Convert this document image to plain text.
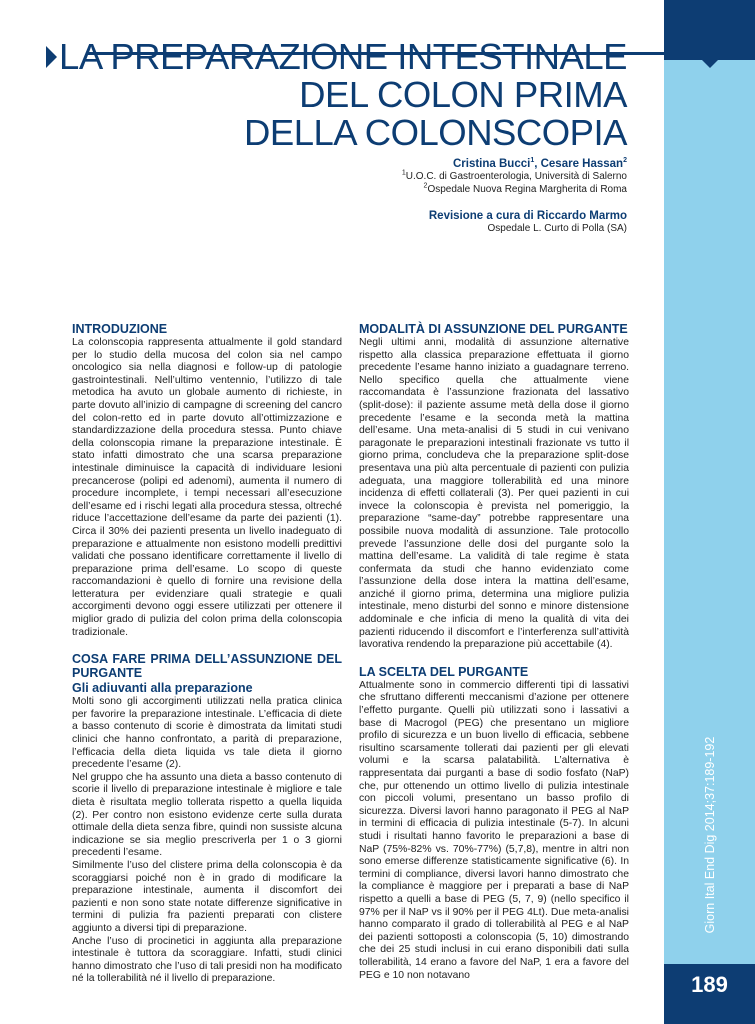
189
Giorn Ital End Dig 2014;37:189-192
LA PREPARAZIONE INTESTINALE
DEL COLON PRIMA
DELLA COLONSCOPIA
Cristina Bucci$^1$, Cesare Hassan$^2$
$^1$U.O.C. di Gastroenterologia, Università di Salerno
$^2$Ospedale Nuova Regina Margherita di Roma
Revisione a cura di Riccardo Marmo
Ospedale L. Curto di Polla (SA)
INTRODUZIONE

La colonscopia rappresenta attualmente il gold standard per lo studio della mucosa del colon sia nel campo oncologico sia nella diagnosi e follow-up di patologie gastrointestinali. Nell’ultimo ventennio, l’utilizzo di tale metodica ha avuto un globale aumento di richieste, in parte dovuto all’inizio di campagne di screening del cancro del colon-retto ed in parte dovuto all’ottimizzazione e standardizzazione della procedura stessa. Punto chiave della colonscopia rimane la preparazione intestinale. È stato infatti dimostrato che una scarsa preparazione intestinale diminuisce la capacità di individuare lesioni precancerose (polipi ed adenomi), aumenta il numero di procedure incomplete, i tempi necessari all’esecuzione dell’esame ed i rischi legati alla procedura stessa, oltreché riduce l’accettazione dell’esame da parte dei pazienti (1). Circa il 30% dei pazienti presenta un livello inadeguato di preparazione e attualmente non esistono modelli predittivi validati che possano identificare correttamente il livello di preparazione prima dell’esame. Lo scopo di queste raccomandazioni è quello di fornire una revisione della letteratura per evidenziare quali strategie e quali accorgimenti devono oggi essere utilizzati per ottenere il miglior grado di pulizia del colon prima della colonscopia tradizionale.

COSA FARE PRIMA DELL’ASSUNZIONE DEL PURGANTE
Gli adiuvanti alla preparazione

Molti sono gli accorgimenti utilizzati nella pratica clinica per favorire la preparazione intestinale. L’efficacia di diete a basso contenuto di scorie è dimostrata da limitati studi clinici che hanno confrontato, a parità di preparazione, l’efficacia della dieta liquida vs tale dieta il giorno precedente l’esame (2).

Nel gruppo che ha assunto una dieta a basso contenuto di scorie il livello di preparazione intestinale è migliore e tale dieta è risultata meglio tollerata rispetto a quella liquida (2). Per contro non esistono evidenze certe sulla durata ottimale della dieta senza fibre, quindi non sussiste alcuna indicazione se sia meglio prescriverla per 1 o 3 giorni precedenti l’esame.

Similmente l’uso del clistere prima della colonscopia è da scoraggiarsi poiché non è in grado di modificare la preparazione intestinale, aumenta il discomfort dei pazienti e non sono state notate differenze significative in termini di pulizia fra pazienti preparati con clistere aggiunto a diversi tipi di preparazione.

Anche l’uso di procinetici in aggiunta alla preparazione intestinale è tuttora da scoraggiare. Infatti, studi clinici hanno dimostrato che l’uso di tali presidi non ha modificato né la tollerabilità né il livello di preparazione.

MODALITÀ DI ASSUNZIONE DEL PURGANTE

Negli ultimi anni, modalità di assunzione alternative rispetto alla classica preparazione effettuata il giorno precedente l’esame hanno iniziato a guadagnare terreno. Nello specifico quella che attualmente viene raccomandata è l’assunzione frazionata del lassativo (split-dose): il paziente assume metà della dose il giorno precedente l’esame e la seconda metà la mattina dell’esame. Una meta-analisi di 5 studi in cui venivano paragonate le preparazioni intestinali frazionate vs tutto il giorno prima, concludeva che la preparazione split-dose presentava una più alta percentuale di pazienti con pulizia adeguata, una maggiore tollerabilità ed una minore incidenza di effetti collaterali (3). Per quei pazienti in cui invece la colonscopia è prevista nel pomeriggio, la preparazione “same-day” potrebbe rappresentare una possibile nuova modalità di assunzione. Tale protocollo prevede l’assunzione delle dosi del purgante solo la mattina dell’esame. La validità di tale regime è stata confermata da studi che hanno evidenziato come l’assunzione della dose intera la mattina dell’esame, anziché il giorno prima, determina una migliore pulizia intestinale, meno disturbi del sonno e minore distensione addominale e che inficia di meno la qualità di vita dei pazienti riducendo il discomfort e l’interferenza sull’attività lavorativa rendendo la preparazione più accettabile (4).

LA SCELTA DEL PURGANTE

Attualmente sono in commercio differenti tipi di lassativi che sfruttano differenti meccanismi d’azione per ottenere l’effetto purgante. Quelli più utilizzati sono i lassativi a base di Macrogol (PEG) che presentano un migliore profilo di sicurezza e un buon livello di efficacia, sebbene risultino scarsamente tollerati dai pazienti per gli elevati volumi e la scarsa palatabilità. L’alternativa è rappresentata dai purganti a base di sodio fosfato (NaP) che, pur ottenendo un ottimo livello di pulizia intestinale con piccoli volumi, presentano un basso profilo di sicurezza. Diversi lavori hanno paragonato il PEG al NaP in termini di efficacia di pulizia intestinale (5-7). In alcuni studi i risultati hanno favorito le preparazioni a base di NaP (75%-82% vs. 70%-77%) (5,7,8), mentre in altri non sono emerse differenze statisticamente significative (6). In termini di compliance, diversi lavori hanno dimostrato che la compliance è maggiore per i preparati a base di NaP rispetto a quelli a base di PEG (5, 7, 9) (nello specifico il 97% per il NaP vs il 90% per il PEG 4Lt). Due meta-analisi hanno comparato il grado di tollerabilità al PEG e al NaP dei pazienti sottoposti a colonscopia (5, 10) dimostrando che dei 25 studi inclusi in cui erano disponibili dati sulla tollerabilità, 14 erano a favore del NaP, 1 era a favore del PEG e 10 non notavano
